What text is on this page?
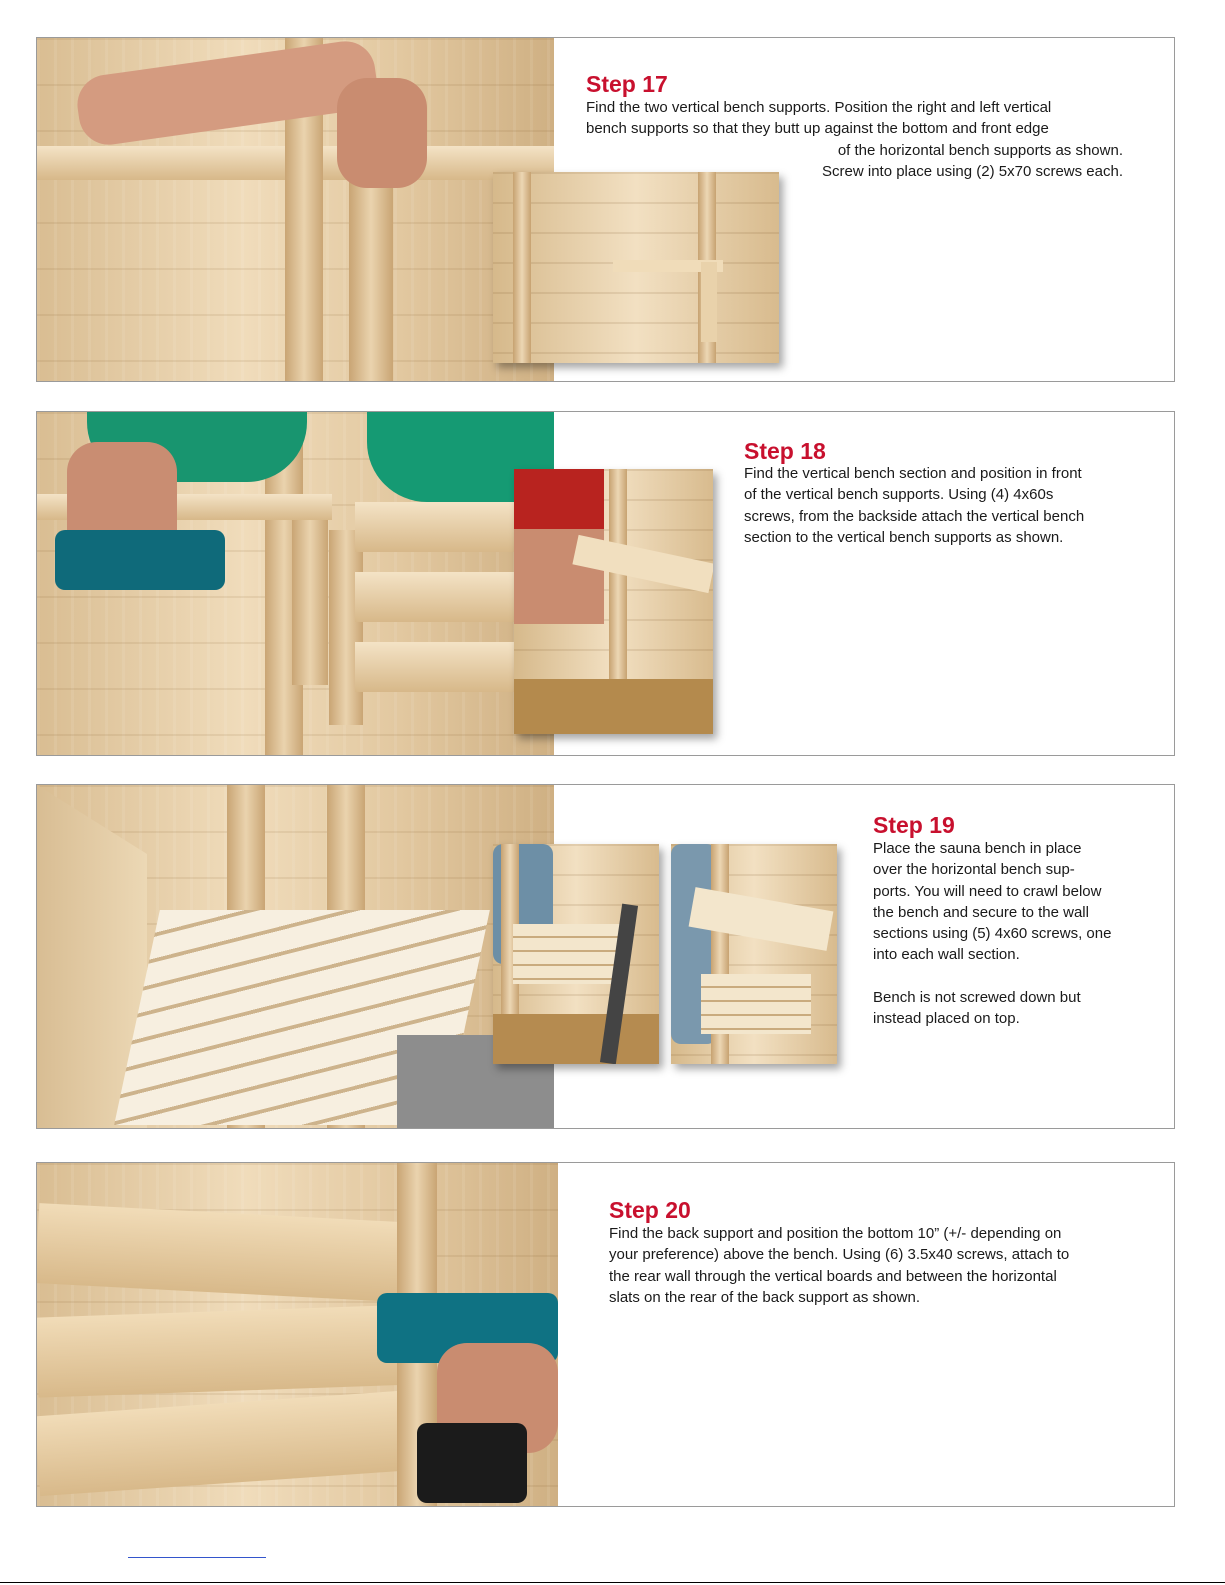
Step 17

Find the two vertical bench supports. Position the right and left vertical

bench supports so that they butt up against the bottom and front edge

of the horizontal bench supports as shown.

Screw into place using (2) 5x70 screws each.

Step 18

Find the vertical bench section and position in front

of the vertical bench supports. Using (4) 4x60s

screws, from the backside attach the vertical bench

section to the vertical bench supports as shown.

Step 19

Place the sauna bench in place

over the horizontal bench sup-

ports. You will need to crawl below

the bench and secure to the wall

sections using (5) 4x60 screws, one

into each wall section.

Bench is not screwed down but

instead placed on top.

Step 20

Find the back support and position the bottom 10” (+/- depending on

your preference) above the bench. Using (6) 3.5x40 screws, attach to

the rear wall through the vertical boards and between the horizontal

slats on the rear of the back support as shown.
